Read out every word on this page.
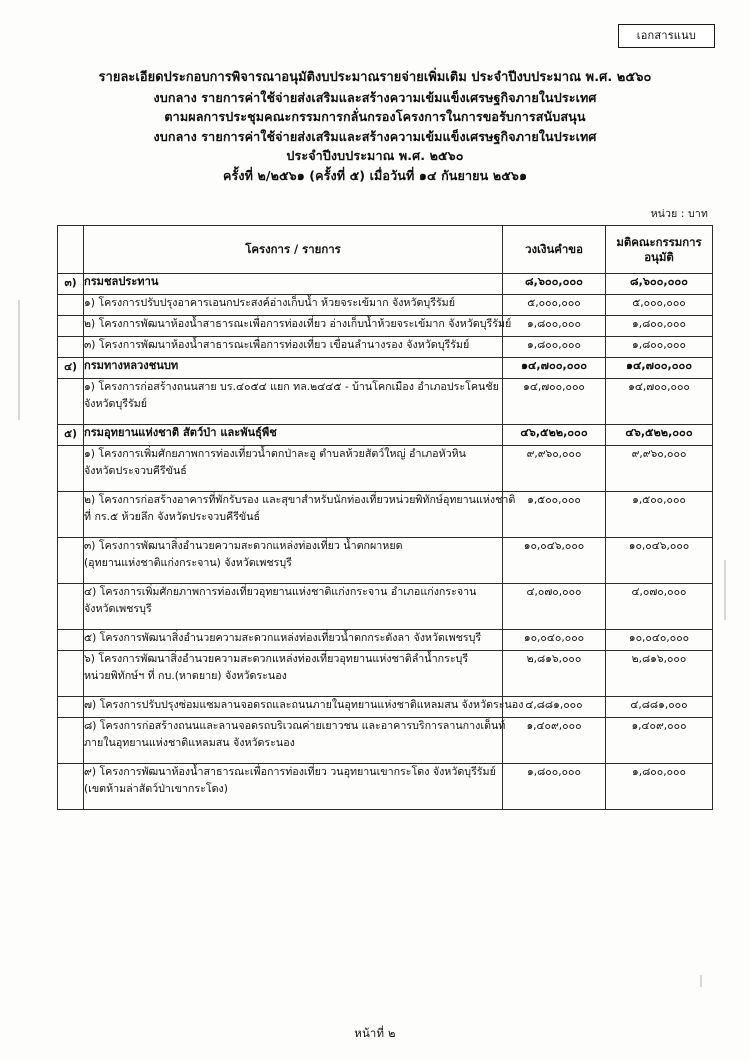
เอกสารแนบ
รายละเอียดประกอบการพิจารณาอนุมัติงบประมาณรายจ่ายเพิ่มเติม ประจำปีงบประมาณ พ.ศ. ๒๕๖๐
งบกลาง รายการค่าใช้จ่ายส่งเสริมและสร้างความเข้มแข็งเศรษฐกิจภายในประเทศ
ตามผลการประชุมคณะกรรมการกลั่นกรองโครงการในการขอรับการสนับสนุน
งบกลาง รายการค่าใช้จ่ายส่งเสริมและสร้างความเข้มแข็งเศรษฐกิจภายในประเทศ
ประจำปีงบประมาณ พ.ศ. ๒๕๖๐
ครั้งที่ ๒/๒๕๖๑ (ครั้งที่ ๕) เมื่อวันที่ ๑๔ กันยายน ๒๕๖๑
หน่วย : บาท
	โครงการ / รายการ	วงเงินคำขอ	มติคณะกรรมการ
อนุมัติ

๓)	กรมชลประทาน	๘,๖๐๐,๐๐๐	๘,๖๐๐,๐๐๐

	๑) โครงการปรับปรุงอาคารเอนกประสงค์อ่างเก็บน้ำ ห้วยจระเข้มาก จังหวัดบุรีรัมย์	๕,๐๐๐,๐๐๐	๕,๐๐๐,๐๐๐

	๒) โครงการพัฒนาห้องน้ำสาธารณะเพื่อการท่องเที่ยว อ่างเก็บน้ำห้วยจระเข้มาก จังหวัดบุรีรัมย์	๑,๘๐๐,๐๐๐	๑,๘๐๐,๐๐๐

	๓) โครงการพัฒนาห้องน้ำสาธารณะเพื่อการท่องเที่ยว เขื่อนลำนางรอง จังหวัดบุรีรัมย์	๑,๘๐๐,๐๐๐	๑,๘๐๐,๐๐๐
๔)	กรมทางหลวงชนบท	๑๔,๗๐๐,๐๐๐	๑๔,๗๐๐,๐๐๐

	๑) โครงการก่อสร้างถนนสาย บร.๔๐๕๔ แยก ทล.๒๔๔๕ - บ้านโคกเมือง อำเภอประโคนชัย
จังหวัดบุรีรัมย์	๑๔,๗๐๐,๐๐๐	๑๔,๗๐๐,๐๐๐
๕)	กรมอุทยานแห่งชาติ สัตว์ป่า และพันธุ์พืช	๔๖,๕๒๒,๐๐๐	๔๖,๕๒๒,๐๐๐

	๑) โครงการเพิ่มศักยภาพการท่องเที่ยวน้ำตกป่าละอู ตำบลห้วยสัตว์ใหญ่ อำเภอหัวหิน
จังหวัดประจวบคีรีขันธ์	๙,๙๖๐,๐๐๐	๙,๙๖๐,๐๐๐

	๒) โครงการก่อสร้างอาคารที่พักรับรอง และสุขาสำหรับนักท่องเที่ยวหน่วยพิทักษ์อุทยานแห่งชาติ
ที่ กร.๕ ห้วยลึก จังหวัดประจวบคีรีขันธ์	๑,๕๐๐,๐๐๐	๑,๕๐๐,๐๐๐

	๓) โครงการพัฒนาสิ่งอำนวยความสะดวกแหล่งท่องเที่ยว น้ำตกผาหยด
(อุทยานแห่งชาติแก่งกระจาน) จังหวัดเพชรบุรี	๑๐,๐๔๖,๐๐๐	๑๐,๐๔๖,๐๐๐

	๔) โครงการเพิ่มศักยภาพการท่องเที่ยวอุทยานแห่งชาติแก่งกระจาน อำเภอแก่งกระจาน
จังหวัดเพชรบุรี	๔,๐๗๐,๐๐๐	๔,๐๗๐,๐๐๐

	๕) โครงการพัฒนาสิ่งอำนวยความสะดวกแหล่งท่องเที่ยวน้ำตกกระดังลา จังหวัดเพชรบุรี	๑๐,๐๔๐,๐๐๐	๑๐,๐๔๐,๐๐๐

	๖) โครงการพัฒนาสิ่งอำนวยความสะดวกแหล่งท่องเที่ยวอุทยานแห่งชาติลำน้ำกระบุรี
หน่วยพิทักษ์ฯ ที่ กบ.(หาดยาย) จังหวัดระนอง	๒,๘๑๖,๐๐๐	๒,๘๑๖,๐๐๐

	๗) โครงการปรับปรุงซ่อมแซมลานจอดรถและถนนภายในอุทยานแห่งชาติแหลมสน จังหวัดระนอง	๔,๘๘๑,๐๐๐	๔,๘๘๑,๐๐๐

	๘) โครงการก่อสร้างถนนและลานจอดรถบริเวณค่ายเยาวชน และอาคารบริการลานกางเต็นท์
ภายในอุทยานแห่งชาติแหลมสน จังหวัดระนอง	๑,๔๐๙,๐๐๐	๑,๔๐๙,๐๐๐

	๙) โครงการพัฒนาห้องน้ำสาธารณะเพื่อการท่องเที่ยว วนอุทยานเขากระโดง จังหวัดบุรีรัมย์
(เขตห้ามล่าสัตว์ป่าเขากระโดง)	๑,๘๐๐,๐๐๐	๑,๘๐๐,๐๐๐
หน้าที่ ๒
